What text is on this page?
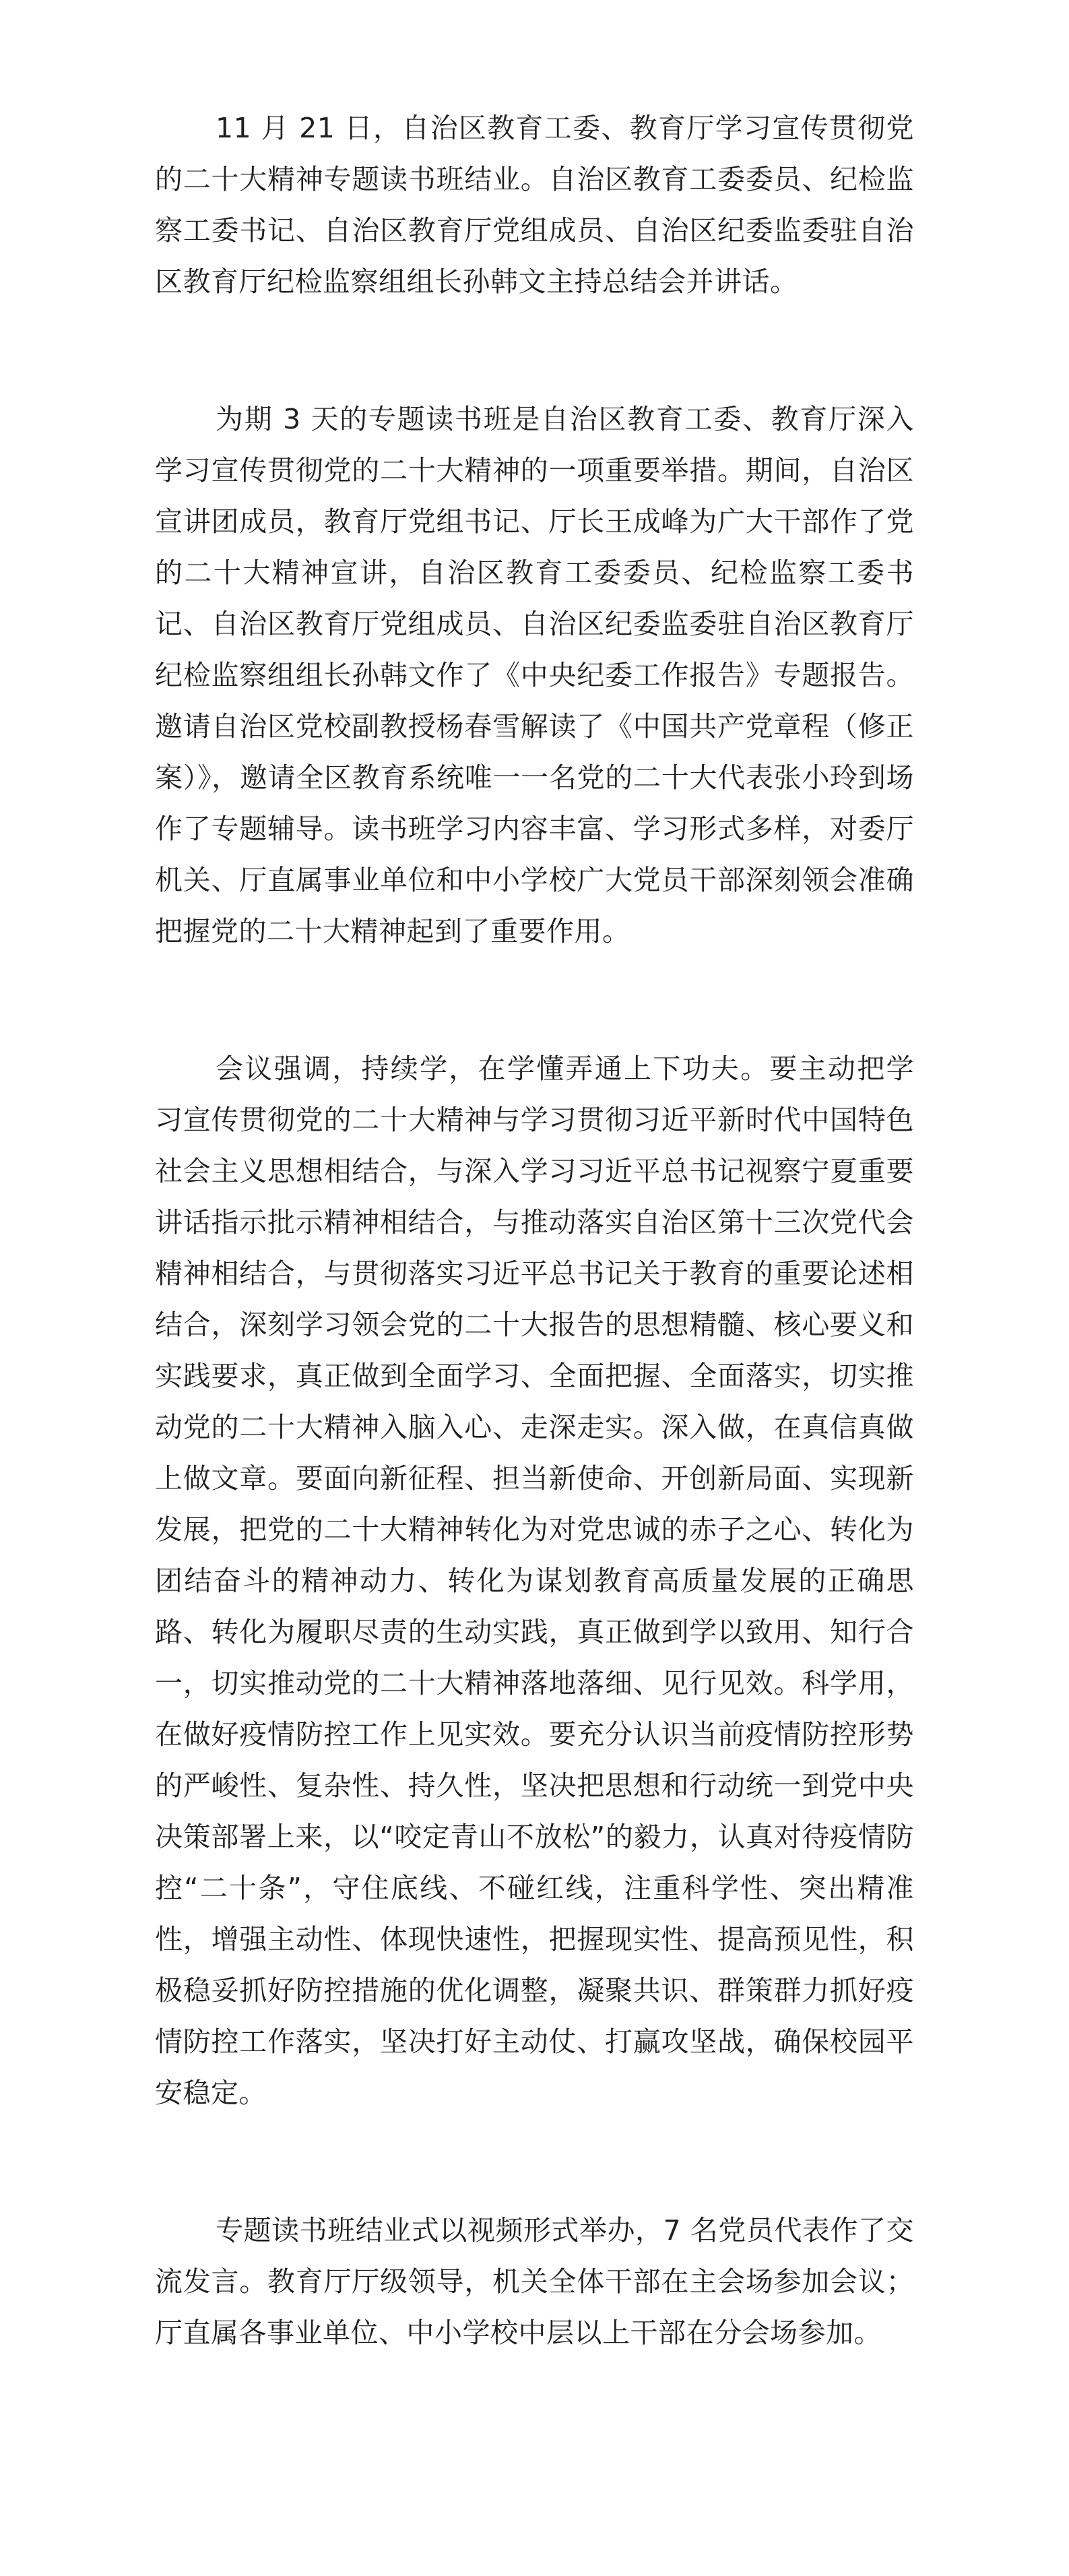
11 月 21 日，自治区教育工委、教育厅学习宣传贯彻党的二十大精神专题读书班结业。自治区教育工委委员、纪检监察工委书记、自治区教育厅党组成员、自治区纪委监委驻自治区教育厅纪检监察组组长孙韩文主持总结会并讲话。

为期 3 天的专题读书班是自治区教育工委、教育厅深入学习宣传贯彻党的二十大精神的一项重要举措。期间，自治区宣讲团成员，教育厅党组书记、厅长王成峰为广大干部作了党的二十大精神宣讲，自治区教育工委委员、纪检监察工委书记、自治区教育厅党组成员、自治区纪委监委驻自治区教育厅纪检监察组组长孙韩文作了《中央纪委工作报告》专题报告。邀请自治区党校副教授杨春雪解读了《中国共产党章程（修正案）》，邀请全区教育系统唯一一名党的二十大代表张小玲到场作了专题辅导。读书班学习内容丰富、学习形式多样，对委厅机关、厅直属事业单位和中小学校广大党员干部深刻领会准确把握党的二十大精神起到了重要作用。

会议强调，持续学，在学懂弄通上下功夫。要主动把学习宣传贯彻党的二十大精神与学习贯彻习近平新时代中国特色社会主义思想相结合，与深入学习习近平总书记视察宁夏重要讲话指示批示精神相结合，与推动落实自治区第十三次党代会精神相结合，与贯彻落实习近平总书记关于教育的重要论述相结合，深刻学习领会党的二十大报告的思想精髓、核心要义和实践要求，真正做到全面学习、全面把握、全面落实，切实推动党的二十大精神入脑入心、走深走实。深入做，在真信真做上做文章。要面向新征程、担当新使命、开创新局面、实现新发展，把党的二十大精神转化为对党忠诚的赤子之心、转化为团结奋斗的精神动力、转化为谋划教育高质量发展的正确思路、转化为履职尽责的生动实践，真正做到学以致用、知行合一，切实推动党的二十大精神落地落细、见行见效。科学用，在做好疫情防控工作上见实效。要充分认识当前疫情防控形势的严峻性、复杂性、持久性，坚决把思想和行动统一到党中央决策部署上来，以“咬定青山不放松”的毅力，认真对待疫情防控“二十条”，守住底线、不碰红线，注重科学性、突出精准性，增强主动性、体现快速性，把握现实性、提高预见性，积极稳妥抓好防控措施的优化调整，凝聚共识、群策群力抓好疫情防控工作落实，坚决打好主动仗、打赢攻坚战，确保校园平安稳定。

专题读书班结业式以视频形式举办，7 名党员代表作了交流发言。教育厅厅级领导，机关全体干部在主会场参加会议；厅直属各事业单位、中小学校中层以上干部在分会场参加。
